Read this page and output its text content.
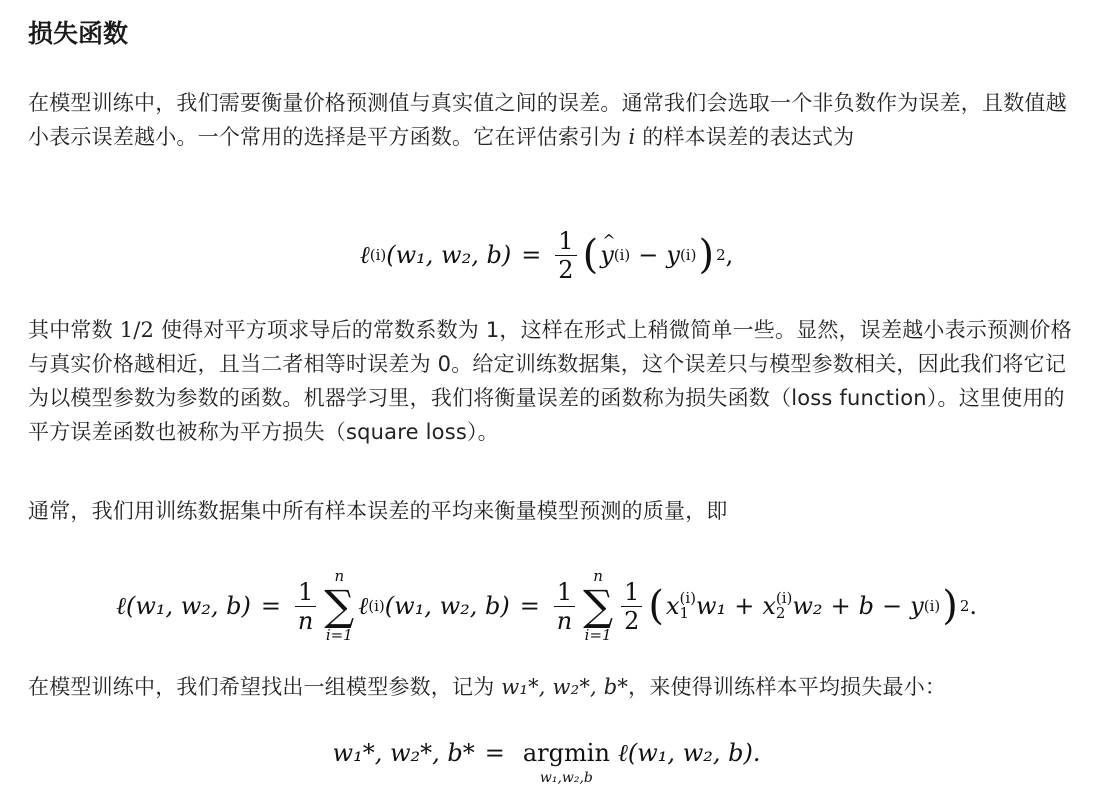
损失函数

在模型训练中，我们需要衡量价格预测值与真实值之间的误差。通常我们会选取一个非负数作为误差，且数值越小表示误差越小。一个常用的选择是平方函数。它在评估索引为 i 的样本误差的表达式为

ℓ (i) (w₁, w₂, $b) = \frac{1}{2}$ (
^ y (i) − y (i) ) 2 ,

其中常数 1/2 使得对平方项求导后的常数系数为 1，这样在形式上稍微简单一些。显然，误差越小表示预测价格与真实价格越相近，且当二者相等时误差为 0。给定训练数据集，这个误差只与模型参数相关，因此我们将它记为以模型参数为参数的函数。机器学习里，我们将衡量误差的函数称为损失函数（loss function）。这里使用的平方误差函数也被称为平方损失（square loss）。

通常，我们用训练数据集中所有样本误差的平均来衡量模型预测的质量，即

ℓ(w₁, w₂, $b) = \frac{1}{n}$
n
∑
i=1
ℓ (i) (w₁, w₂, $b) = \frac{1}{n}$
n
∑
i=1
$\frac{1}{2}$ ( x (i)
1 w₁ + x (i)
2 w₂ + b − y (i) ) 2 .

在模型训练中，我们希望找出一组模型参数，记为 w₁*, w₂*, b*，来使得训练样本平均损失最小：

w₁*, w₂*, b* = argmin
w₁,w₂,b
ℓ(w₁, w₂, b).
